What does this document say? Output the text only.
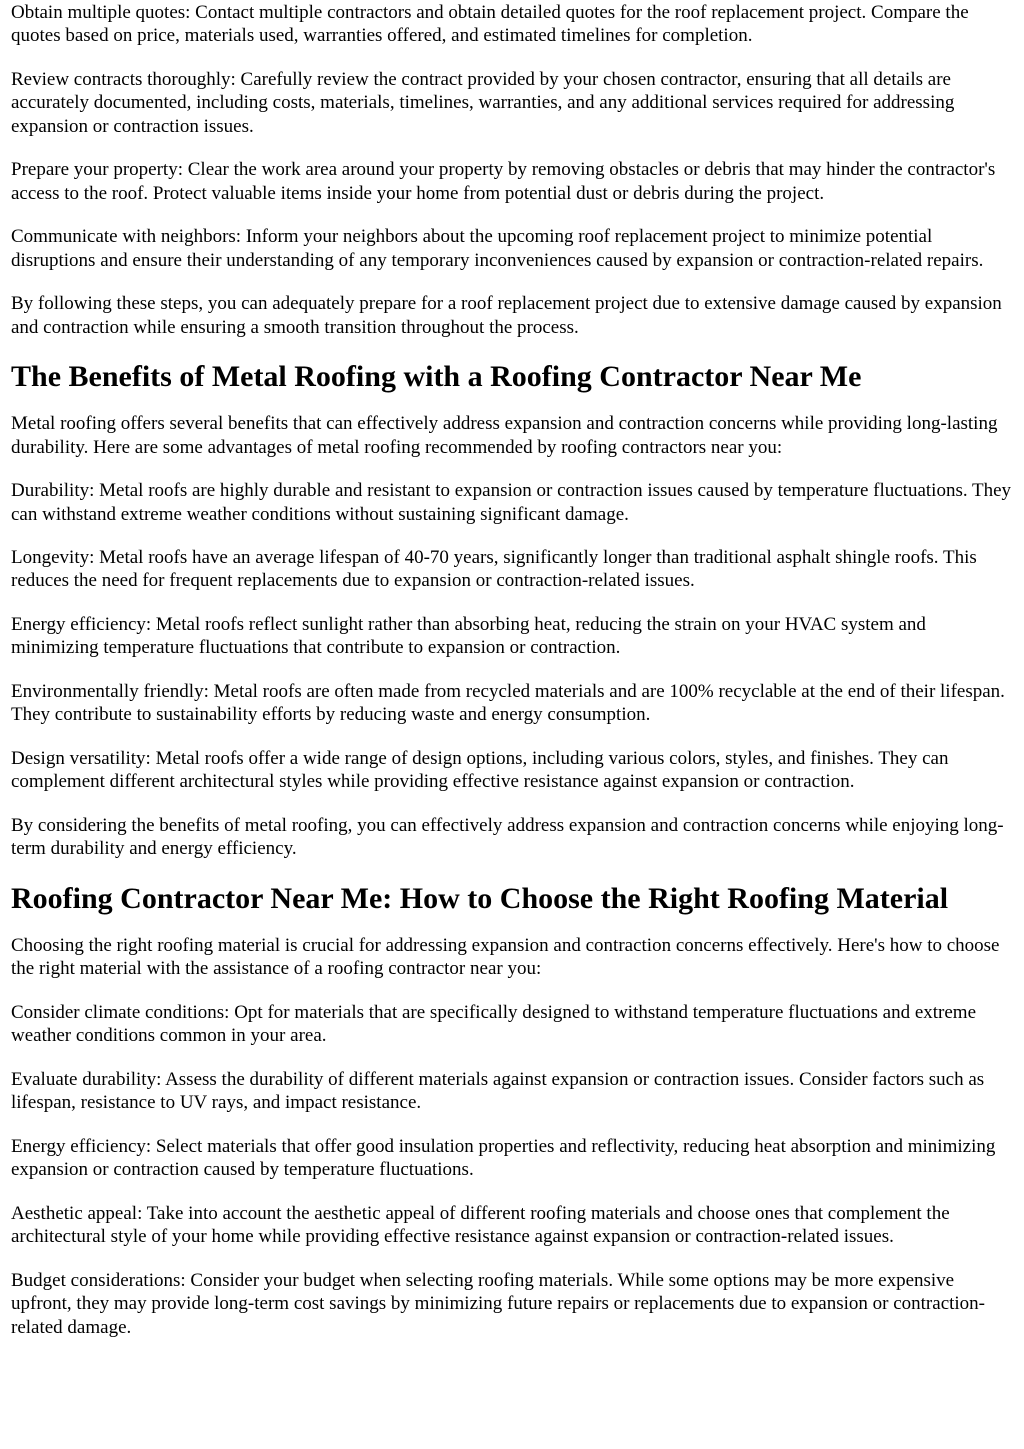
Obtain multiple quotes: Contact multiple contractors and obtain detailed quotes for the roof replacement project. Compare the quotes based on price, materials used, warranties offered, and estimated timelines for completion.

Review contracts thoroughly: Carefully review the contract provided by your chosen contractor, ensuring that all details are accurately documented, including costs, materials, timelines, warranties, and any additional services required for addressing expansion or contraction issues.

Prepare your property: Clear the work area around your property by removing obstacles or debris that may hinder the contractor's access to the roof. Protect valuable items inside your home from potential dust or debris during the project.

Communicate with neighbors: Inform your neighbors about the upcoming roof replacement project to minimize potential disruptions and ensure their understanding of any temporary inconveniences caused by expansion or contraction-related repairs.

By following these steps, you can adequately prepare for a roof replacement project due to extensive damage caused by expansion and contraction while ensuring a smooth transition throughout the process.

The Benefits of Metal Roofing with a Roofing Contractor Near Me

Metal roofing offers several benefits that can effectively address expansion and contraction concerns while providing long-lasting durability. Here are some advantages of metal roofing recommended by roofing contractors near you:

Durability: Metal roofs are highly durable and resistant to expansion or contraction issues caused by temperature fluctuations. They can withstand extreme weather conditions without sustaining significant damage.

Longevity: Metal roofs have an average lifespan of 40-70 years, significantly longer than traditional asphalt shingle roofs. This reduces the need for frequent replacements due to expansion or contraction-related issues.

Energy efficiency: Metal roofs reflect sunlight rather than absorbing heat, reducing the strain on your HVAC system and minimizing temperature fluctuations that contribute to expansion or contraction.

Environmentally friendly: Metal roofs are often made from recycled materials and are 100% recyclable at the end of their lifespan. They contribute to sustainability efforts by reducing waste and energy consumption.

Design versatility: Metal roofs offer a wide range of design options, including various colors, styles, and finishes. They can complement different architectural styles while providing effective resistance against expansion or contraction.

By considering the benefits of metal roofing, you can effectively address expansion and contraction concerns while enjoying long-term durability and energy efficiency.

Roofing Contractor Near Me: How to Choose the Right Roofing Material

Choosing the right roofing material is crucial for addressing expansion and contraction concerns effectively. Here's how to choose the right material with the assistance of a roofing contractor near you:

Consider climate conditions: Opt for materials that are specifically designed to withstand temperature fluctuations and extreme weather conditions common in your area.

Evaluate durability: Assess the durability of different materials against expansion or contraction issues. Consider factors such as lifespan, resistance to UV rays, and impact resistance.

Energy efficiency: Select materials that offer good insulation properties and reflectivity, reducing heat absorption and minimizing expansion or contraction caused by temperature fluctuations.

Aesthetic appeal: Take into account the aesthetic appeal of different roofing materials and choose ones that complement the architectural style of your home while providing effective resistance against expansion or contraction-related issues.

Budget considerations: Consider your budget when selecting roofing materials. While some options may be more expensive upfront, they may provide long-term cost savings by minimizing future repairs or replacements due to expansion or contraction-related damage.
